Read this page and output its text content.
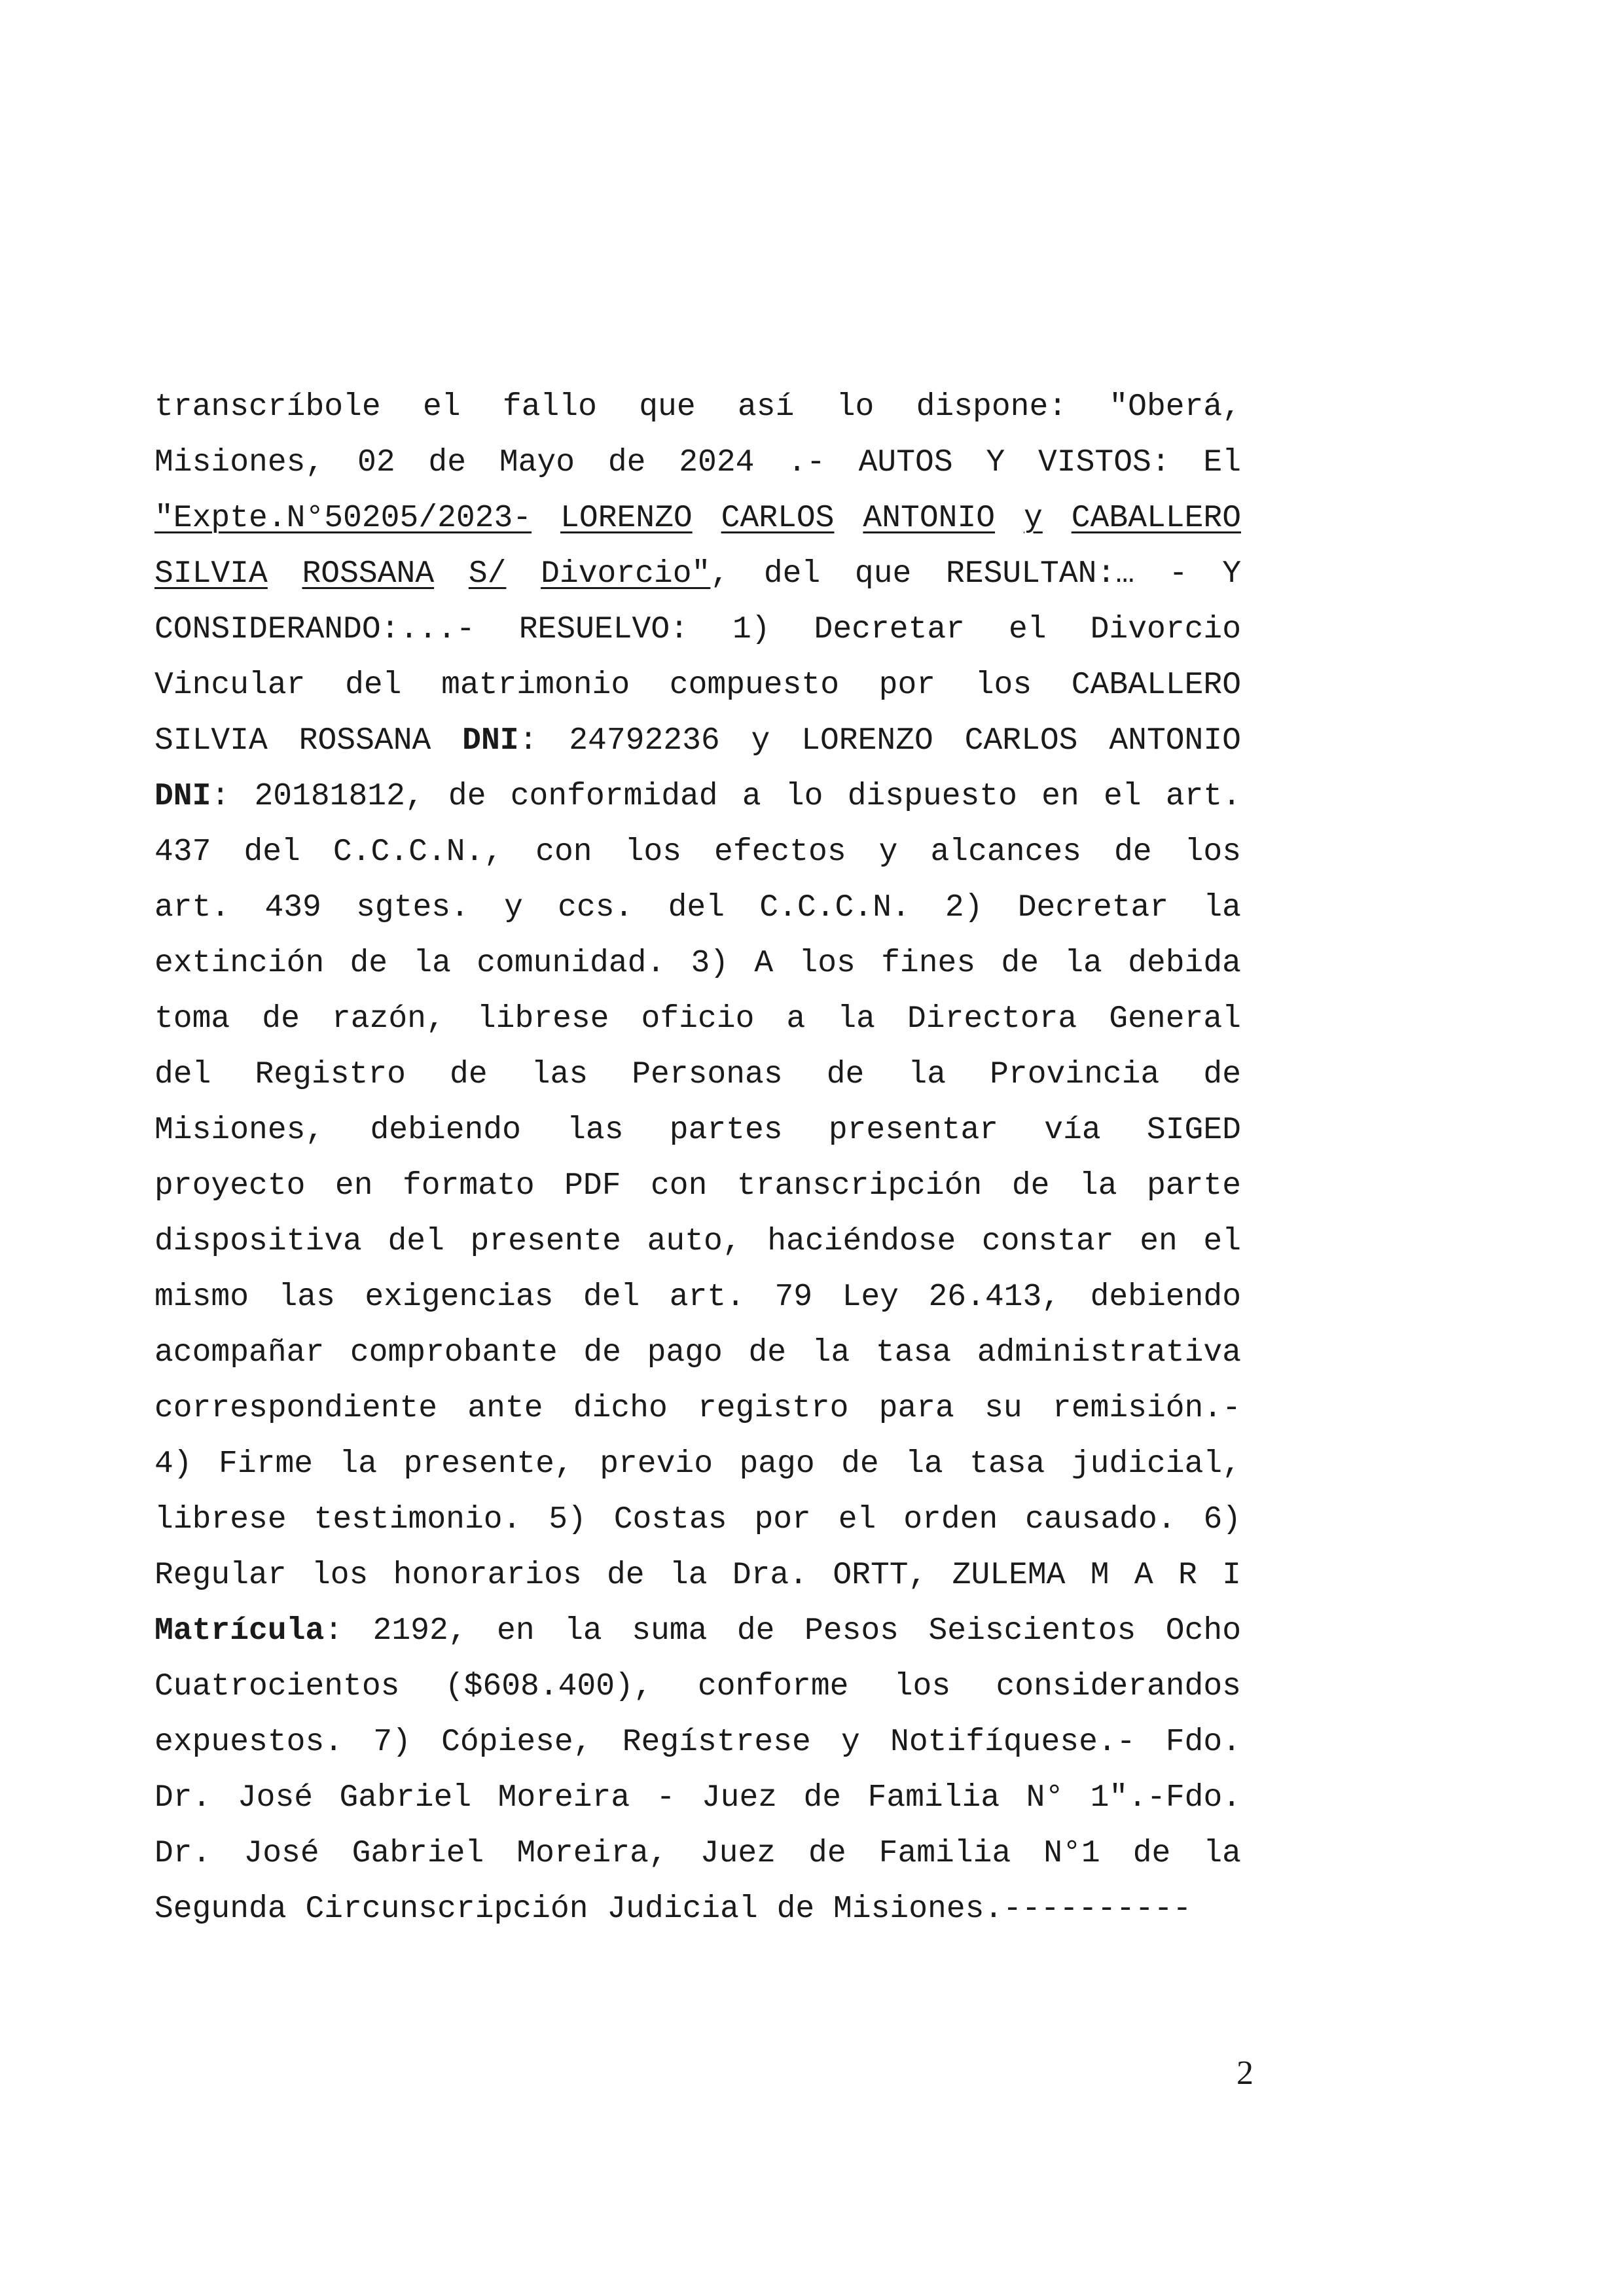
transcríbole el fallo que así lo dispone: "Oberá,
Misiones, 02 de Mayo de 2024 .- AUTOS Y VISTOS: El
"Expte.N°50205/2023- LORENZO CARLOS ANTONIO y CABALLERO
SILVIA ROSSANA S/ Divorcio", del que RESULTAN:… - Y
CONSIDERANDO:...- RESUELVO: 1) Decretar el Divorcio
Vincular del matrimonio compuesto por los CABALLERO
SILVIA ROSSANA DNI: 24792236 y LORENZO CARLOS ANTONIO
DNI: 20181812, de conformidad a lo dispuesto en el art.
437 del C.C.C.N., con los efectos y alcances de los
art. 439 sgtes. y ccs. del C.C.C.N. 2) Decretar la
extinción de la comunidad. 3) A los fines de la debida
toma de razón, librese oficio a la Directora General
del Registro de las Personas de la Provincia de
Misiones, debiendo las partes presentar vía SIGED
proyecto en formato PDF con transcripción de la parte
dispositiva del presente auto, haciéndose constar en el
mismo las exigencias del art. 79 Ley 26.413, debiendo
acompañar comprobante de pago de la tasa administrativa
correspondiente ante dicho registro para su remisión.-
4) Firme la presente, previo pago de la tasa judicial,
librese testimonio. 5) Costas por el orden causado. 6)
Regular los honorarios de la Dra. ORTT, ZULEMA M A R I
Matrícula: 2192, en la suma de Pesos Seiscientos Ocho
Cuatrocientos ($608.400), conforme los considerandos
expuestos. 7) Cópiese, Regístrese y Notifíquese.- Fdo.
Dr. José Gabriel Moreira - Juez de Familia N° 1".-Fdo.
Dr. José Gabriel Moreira, Juez de Familia N°1 de la
Segunda Circunscripción Judicial de Misiones.----------
2
